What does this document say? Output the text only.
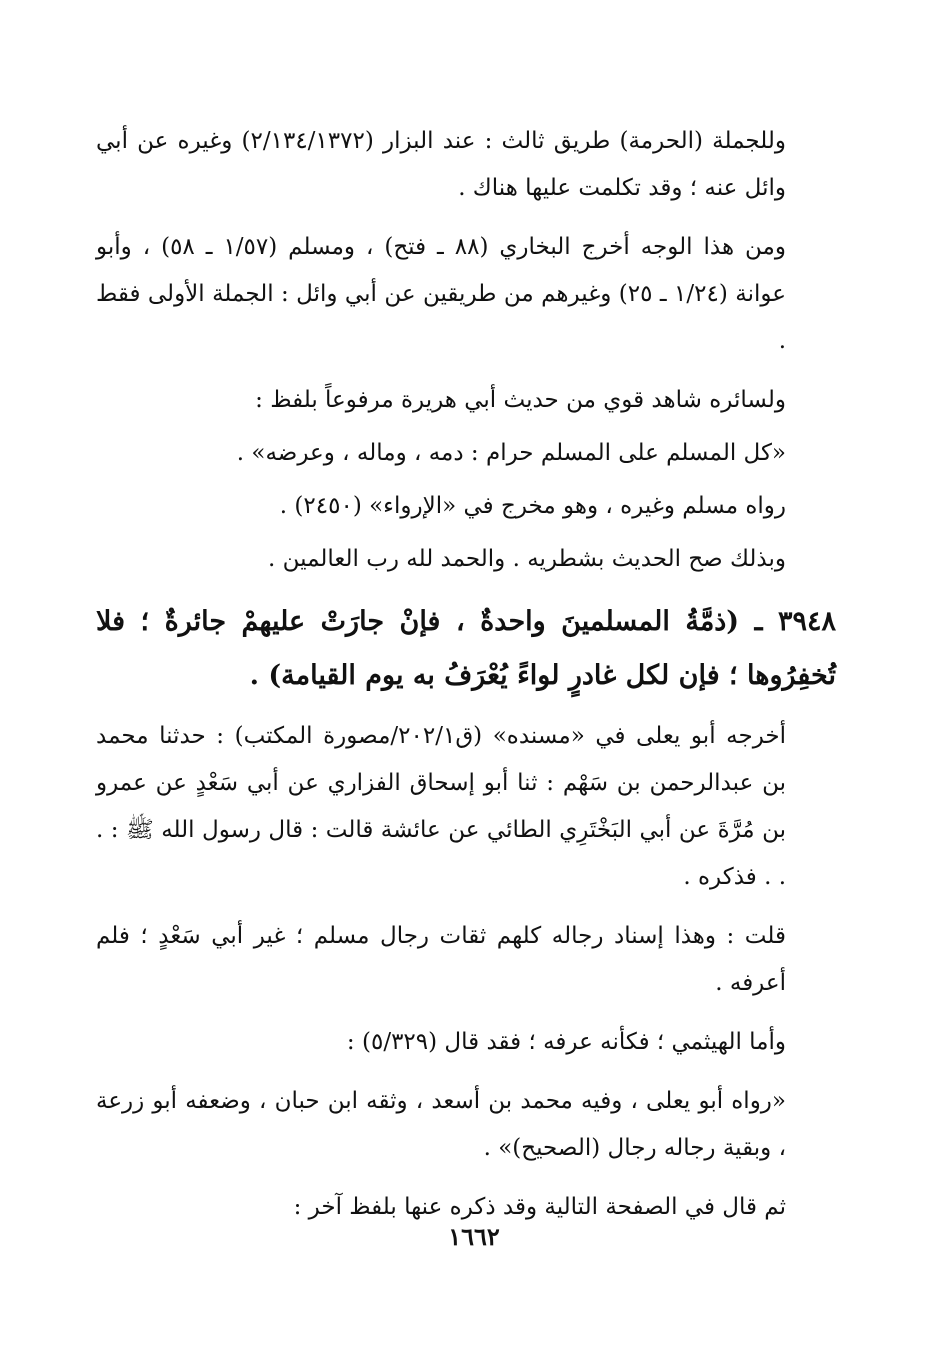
وللجملة (الحرمة) طريق ثالث : عند البزار (٢/١٣٤/١٣٧٢) وغيره عن أبي وائل عنه ؛ وقد تكلمت عليها هناك .

ومن هذا الوجه أخرج البخاري (٨٨ ـ فتح) ، ومسلم (١/٥٧ ـ ٥٨) ، وأبو عوانة (١/٢٤ ـ ٢٥) وغيرهم من طريقين عن أبي وائل : الجملة الأولى فقط .

ولسائره شاهد قوي من حديث أبي هريرة مرفوعاً بلفظ :

«كل المسلم على المسلم حرام : دمه ، وماله ، وعرضه» .

رواه مسلم وغيره ، وهو مخرج في «الإرواء» (٢٤٥٠) .

وبذلك صح الحديث بشطريه . والحمد لله رب العالمين .

٣٩٤٨ ـ (ذمَّةُ المسلمينَ واحدةٌ ، فإنْ جارَتْ عليهمْ جائرةٌ ؛ فلا تُخفِرُوها ؛ فإن لكل غادرٍ لواءً يُعْرَفُ به يوم القيامة) .

أخرجه أبو يعلى في «مسنده» (ق٢٠٢/١/مصورة المكتب) : حدثنا محمد بن عبدالرحمن بن سَهْم : ثنا أبو إسحاق الفزاري عن أبي سَعْدٍ عن عمرو بن مُرَّةَ عن أبي البَخْتَرِي الطائي عن عائشة قالت : قال رسول الله ﷺ : . . . فذكره .

قلت : وهذا إسناد رجاله كلهم ثقات رجال مسلم ؛ غير أبي سَعْدٍ ؛ فلم أعرفه .

وأما الهيثمي ؛ فكأنه عرفه ؛ فقد قال (٥/٣٢٩) :

«رواه أبو يعلى ، وفيه محمد بن أسعد ، وثقه ابن حبان ، وضعفه أبو زرعة ، وبقية رجاله رجال (الصحيح)» .

ثم قال في الصفحة التالية وقد ذكره عنها بلفظ آخر :

١٦٦٢
